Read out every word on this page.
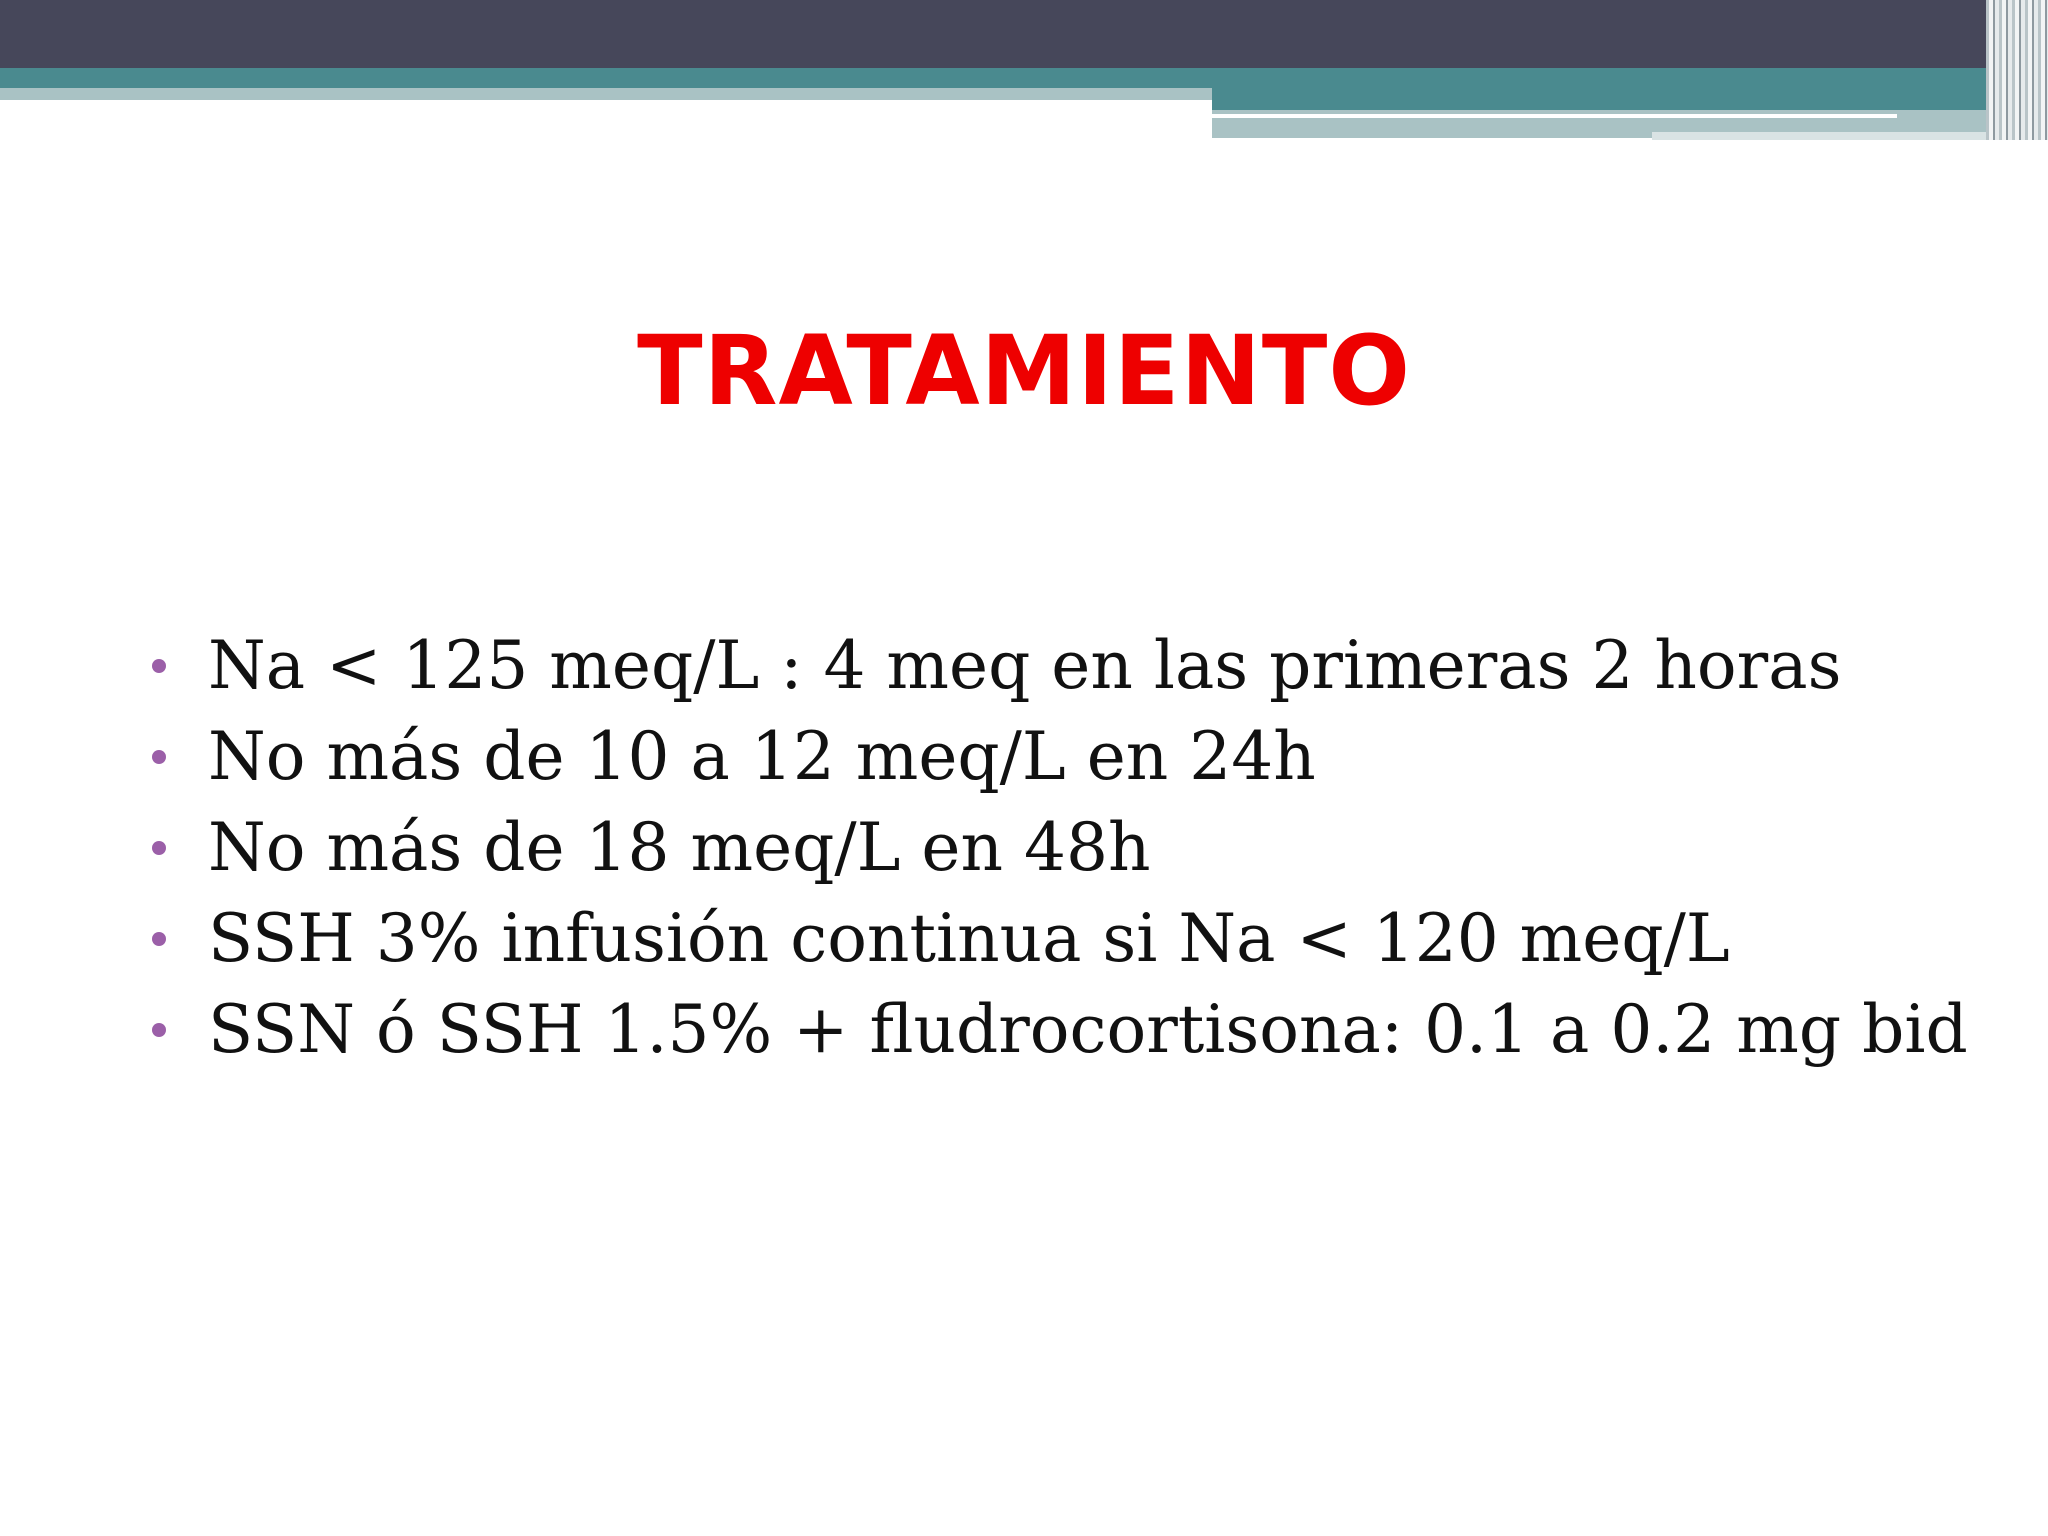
TRATAMIENTO
Na < 125 meq/L : 4 meq en las primeras 2 horas
No más de 10 a 12 meq/L en 24h
No más de 18 meq/L en 48h
SSH 3% infusión continua si Na < 120 meq/L
SSN ó SSH 1.5% + fludrocortisona: 0.1 a 0.2 mg bid
